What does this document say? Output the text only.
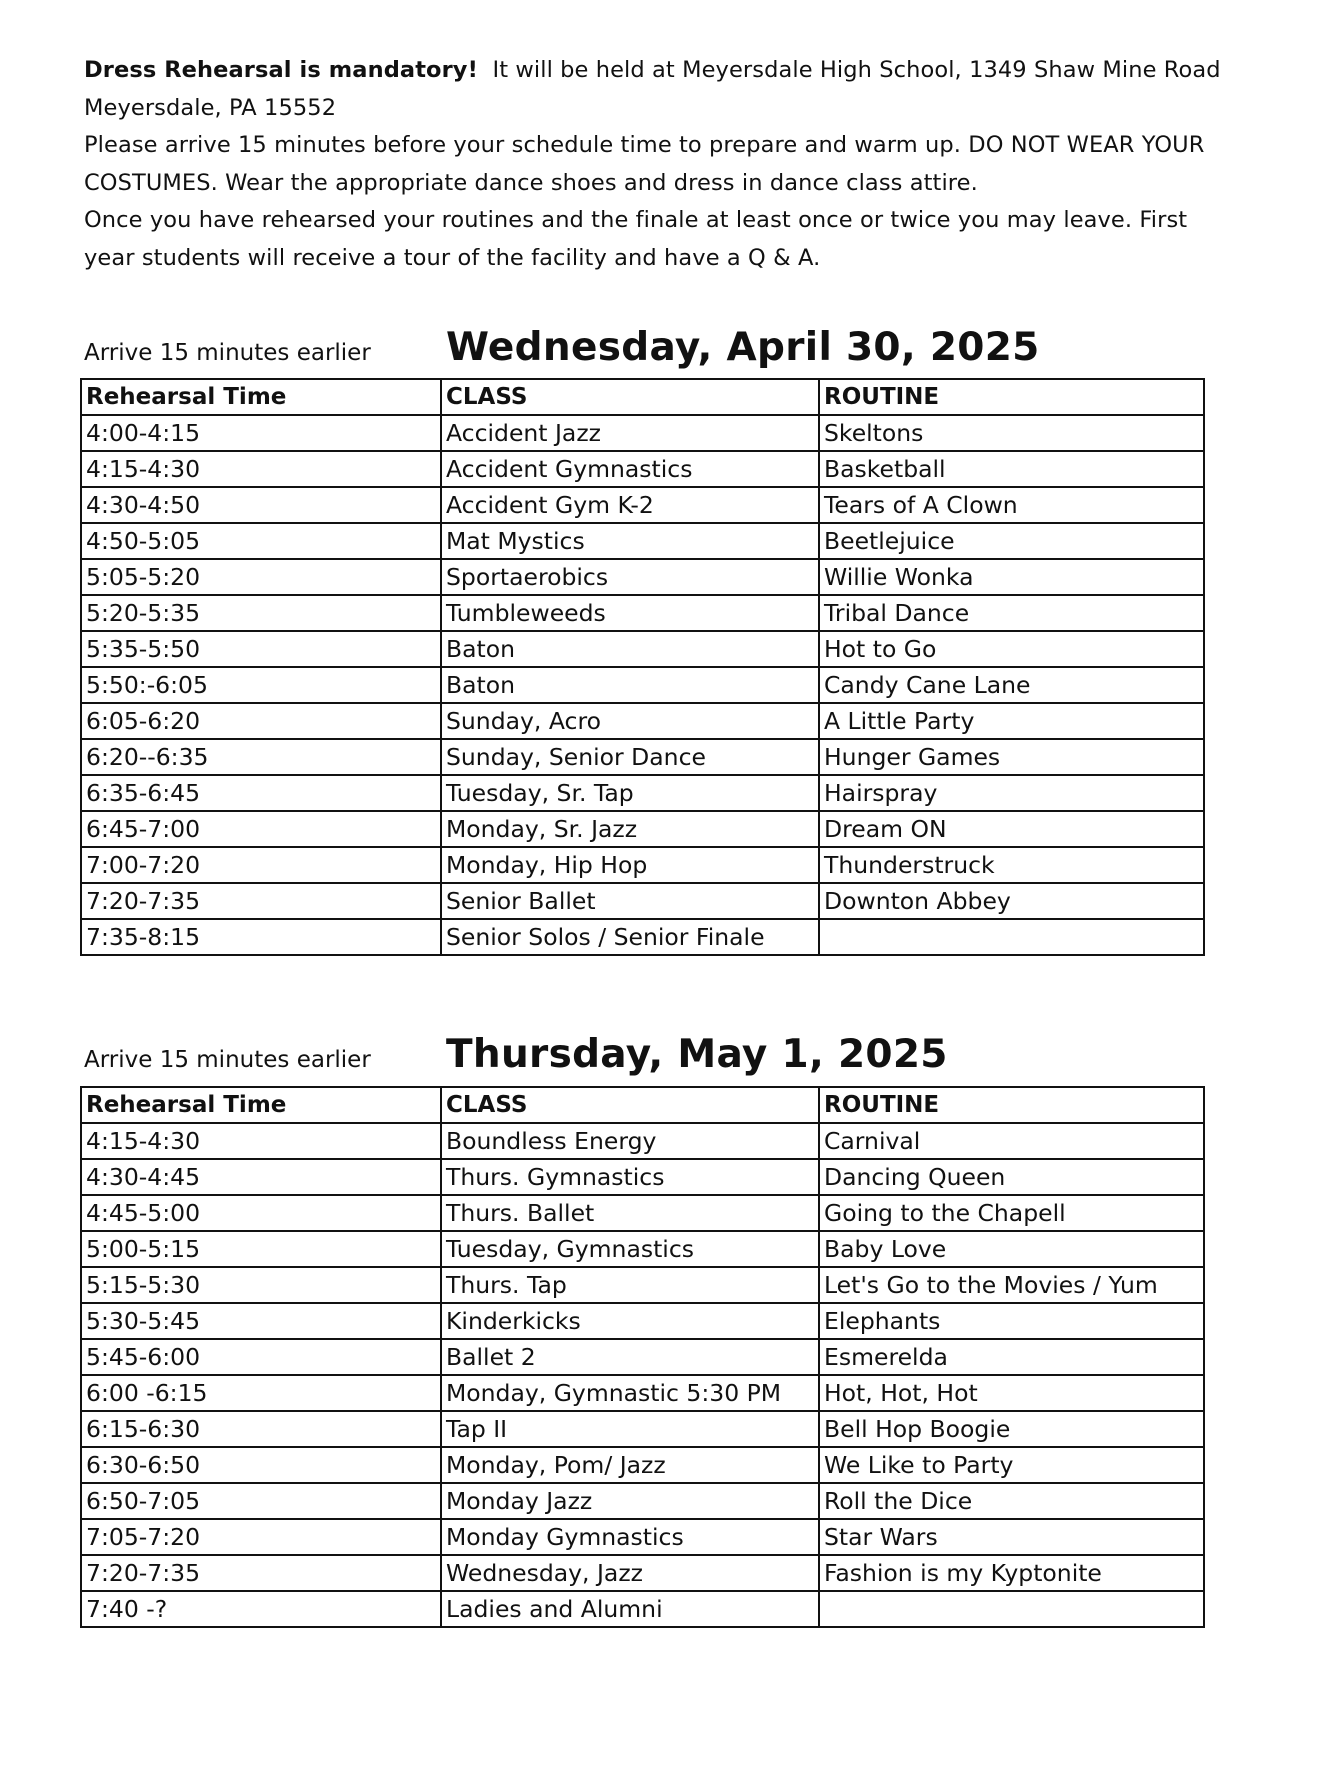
Dress Rehearsal is mandatory! It will be held at Meyersdale High School, 1349 Shaw Mine Road

Meyersdale, PA 15552

Please arrive 15 minutes before your schedule time to prepare and warm up. DO NOT WEAR YOUR

COSTUMES. Wear the appropriate dance shoes and dress in dance class attire.

Once you have rehearsed your routines and the finale at least once or twice you may leave. First

year students will receive a tour of the facility and have a Q & A.

Arrive 15 minutes earlier Wednesday, April 30, 2025
Rehearsal Time	CLASS	ROUTINE
4:00-4:15	Accident Jazz	Skeltons
4:15-4:30	Accident Gymnastics	Basketball
4:30-4:50	Accident Gym K-2	Tears of A Clown
4:50-5:05	Mat Mystics	Beetlejuice
5:05-5:20	Sportaerobics	Willie Wonka
5:20-5:35	Tumbleweeds	Tribal Dance
5:35-5:50	Baton	Hot to Go
5:50:-6:05	Baton	Candy Cane Lane
6:05-6:20	Sunday, Acro	A Little Party
6:20--6:35	Sunday, Senior Dance	Hunger Games
6:35-6:45	Tuesday, Sr. Tap	Hairspray
6:45-7:00	Monday, Sr. Jazz	Dream ON
7:00-7:20	Monday, Hip Hop	Thunderstruck
7:20-7:35	Senior Ballet	Downton Abbey
7:35-8:15	Senior Solos / Senior Finale	
Arrive 15 minutes earlier Thursday, May 1, 2025
Rehearsal Time	CLASS	ROUTINE
4:15-4:30	Boundless Energy	Carnival
4:30-4:45	Thurs. Gymnastics	Dancing Queen
4:45-5:00	Thurs. Ballet	Going to the Chapell
5:00-5:15	Tuesday, Gymnastics	Baby Love
5:15-5:30	Thurs. Tap	Let's Go to the Movies / Yum
5:30-5:45	Kinderkicks	Elephants
5:45-6:00	Ballet 2	Esmerelda
6:00 -6:15	Monday, Gymnastic 5:30 PM	Hot, Hot, Hot
6:15-6:30	Tap II	Bell Hop Boogie
6:30-6:50	Monday, Pom/ Jazz	We Like to Party
6:50-7:05	Monday Jazz	Roll the Dice
7:05-7:20	Monday Gymnastics	Star Wars
7:20-7:35	Wednesday, Jazz	Fashion is my Kyptonite
7:40 -?	Ladies and Alumni	
